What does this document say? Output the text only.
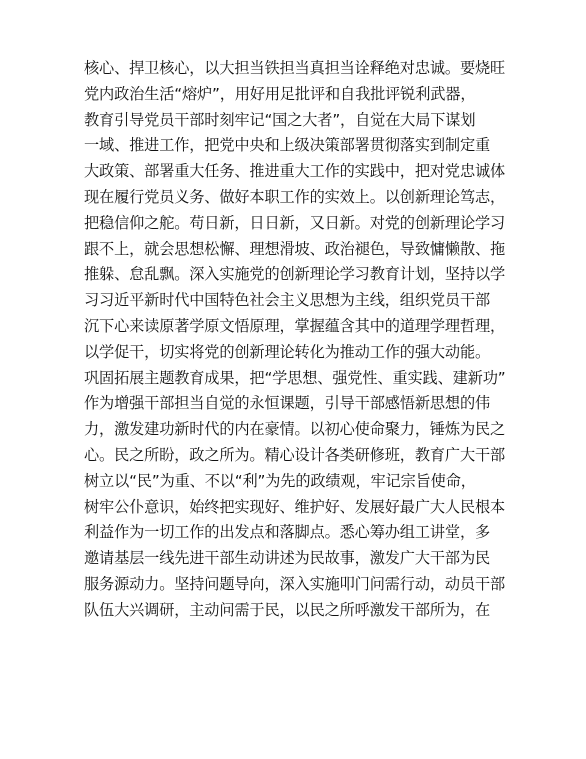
核心、捍卫核心，以大担当铁担当真担当诠释绝对忠诚。要烧旺
党内政治生活“熔炉”，用好用足批评和自我批评锐利武器，
教育引导党员干部时刻牢记“国之大者”，自觉在大局下谋划
一域、推进工作，把党中央和上级决策部署贯彻落实到制定重
大政策、部署重大任务、推进重大工作的实践中，把对党忠诚体
现在履行党员义务、做好本职工作的实效上。以创新理论笃志，
把稳信仰之舵。苟日新，日日新，又日新。对党的创新理论学习
跟不上，就会思想松懈、理想滑坡、政治褪色，导致慵懒散、拖
推躲、怠乱飘。深入实施党的创新理论学习教育计划，坚持以学
习习近平新时代中国特色社会主义思想为主线，组织党员干部
沉下心来读原著学原文悟原理，掌握蕴含其中的道理学理哲理，
以学促干，切实将党的创新理论转化为推动工作的强大动能。
巩固拓展主题教育成果，把“学思想、强党性、重实践、建新功”
作为增强干部担当自觉的永恒课题，引导干部感悟新思想的伟
力，激发建功新时代的内在豪情。以初心使命聚力，锤炼为民之
心。民之所盼，政之所为。精心设计各类研修班，教育广大干部
树立以“民”为重、不以“利”为先的政绩观，牢记宗旨使命，
树牢公仆意识，始终把实现好、维护好、发展好最广大人民根本
利益作为一切工作的出发点和落脚点。悉心筹办组工讲堂，多
邀请基层一线先进干部生动讲述为民故事，激发广大干部为民
服务源动力。坚持问题导向，深入实施叩门问需行动，动员干部
队伍大兴调研，主动问需于民，以民之所呼激发干部所为，在
